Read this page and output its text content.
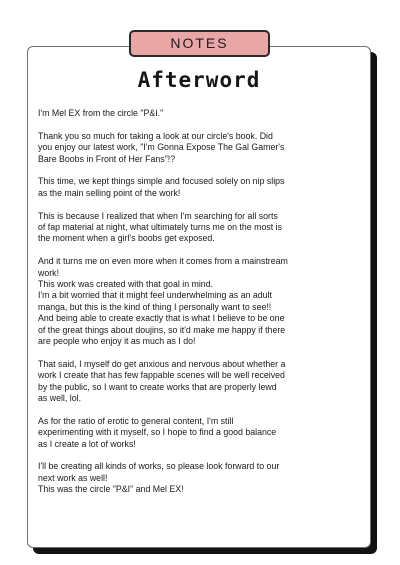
NOTES
Afterword

I'm Mel EX from the circle "P&I."

Thank you so much for taking a look at our circle's book. Did
you enjoy our latest work, "I'm Gonna Expose The Gal Gamer's
Bare Boobs in Front of Her Fans"!?

This time, we kept things simple and focused solely on nip slips
as the main selling point of the work!

This is because I realized that when I'm searching for all sorts
of fap material at night, what ultimately turns me on the most is
the moment when a girl's boobs get exposed.

And it turns me on even more when it comes from a mainstream
work!
This work was created with that goal in mind.
I'm a bit worried that it might feel underwhelming as an adult
manga, but this is the kind of thing I personally want to see!!
And being able to create exactly that is what I believe to be one
of the great things about doujins, so it'd make me happy if there
are people who enjoy it as much as I do!

That said, I myself do get anxious and nervous about whether a
work I create that has few fappable scenes will be well received
by the public, so I want to create works that are properly lewd
as well, lol.

As for the ratio of erotic to general content, I'm still
experimenting with it myself, so I hope to find a good balance
as I create a lot of works!

I'll be creating all kinds of works, so please look forward to our
next work as well!
This was the circle "P&I" and Mel EX!
